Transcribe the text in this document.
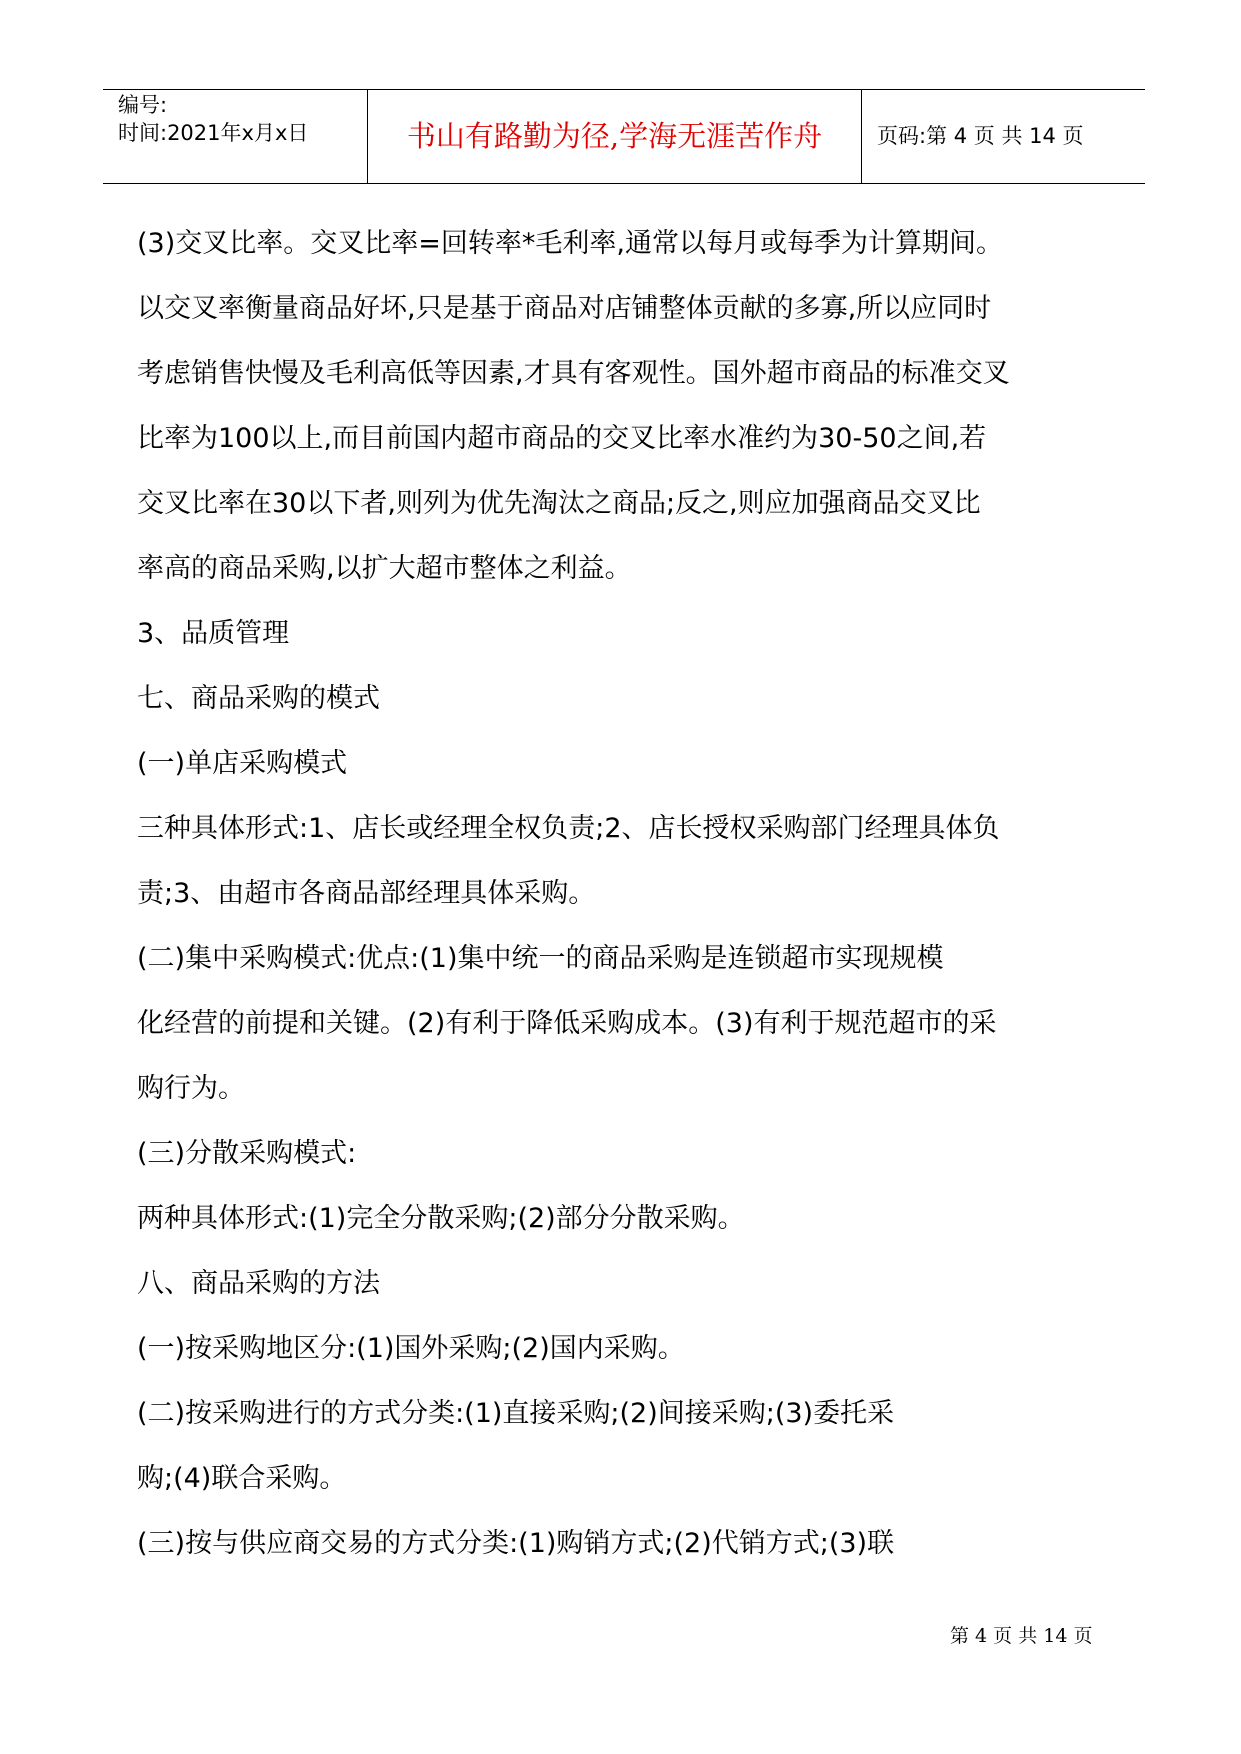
编号:
时间:2021年x月x日	书山有路勤为径,学海无涯苦作舟	页码:第 4 页 共 14 页
(3)交叉比率。交叉比率=回转率*毛利率,通常以每月或每季为计算期间。
以交叉率衡量商品好坏,只是基于商品对店铺整体贡献的多寡,所以应同时
考虑销售快慢及毛利高低等因素,才具有客观性。国外超市商品的标准交叉
比率为100以上,而目前国内超市商品的交叉比率水准约为30-50之间,若
交叉比率在30以下者,则列为优先淘汰之商品;反之,则应加强商品交叉比
率高的商品采购,以扩大超市整体之利益。
3、品质管理
七、商品采购的模式
(一)单店采购模式
三种具体形式:1、店长或经理全权负责;2、店长授权采购部门经理具体负
责;3、由超市各商品部经理具体采购。
(二)集中采购模式:优点:(1)集中统一的商品采购是连锁超市实现规模
化经营的前提和关键。(2)有利于降低采购成本。(3)有利于规范超市的采
购行为。
(三)分散采购模式:
两种具体形式:(1)完全分散采购;(2)部分分散采购。
八、商品采购的方法
(一)按采购地区分:(1)国外采购;(2)国内采购。
(二)按采购进行的方式分类:(1)直接采购;(2)间接采购;(3)委托采
购;(4)联合采购。
(三)按与供应商交易的方式分类:(1)购销方式;(2)代销方式;(3)联
第 4 页 共 14 页
